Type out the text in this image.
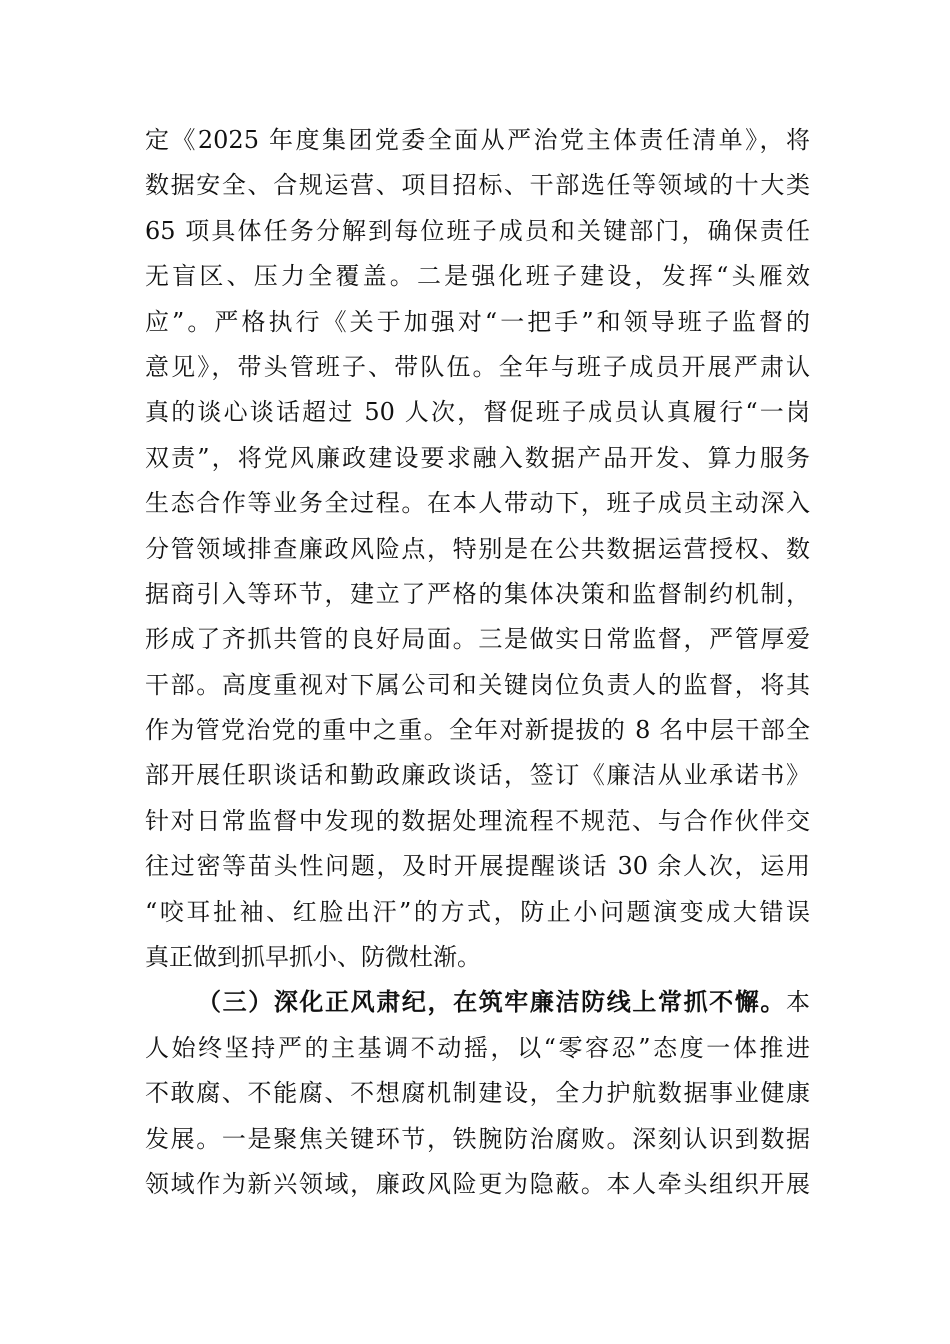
定《2025 年度集团党委全面从严治党主体责任清单》，将
数据安全、合规运营、项目招标、干部选任等领域的十大类
65 项具体任务分解到每位班子成员和关键部门，确保责任
无盲区、压力全覆盖。二是强化班子建设，发挥“头雁效
应”。严格执行《关于加强对“一把手”和领导班子监督的
意见》，带头管班子、带队伍。全年与班子成员开展严肃认
真的谈心谈话超过 50 人次，督促班子成员认真履行“一岗
双责”，将党风廉政建设要求融入数据产品开发、算力服务
生态合作等业务全过程。在本人带动下，班子成员主动深入
分管领域排查廉政风险点，特别是在公共数据运营授权、数
据商引入等环节，建立了严格的集体决策和监督制约机制，
形成了齐抓共管的良好局面。三是做实日常监督，严管厚爱
干部。高度重视对下属公司和关键岗位负责人的监督，将其
作为管党治党的重中之重。全年对新提拔的 8 名中层干部全
部开展任职谈话和勤政廉政谈话，签订《廉洁从业承诺书》
针对日常监督中发现的数据处理流程不规范、与合作伙伴交
往过密等苗头性问题，及时开展提醒谈话 30 余人次，运用
“咬耳扯袖、红脸出汗”的方式，防止小问题演变成大错误
真正做到抓早抓小、防微杜渐。
（三）深化正风肃纪，在筑牢廉洁防线上常抓不懈。本
人始终坚持严的主基调不动摇，以“零容忍”态度一体推进
不敢腐、不能腐、不想腐机制建设，全力护航数据事业健康
发展。一是聚焦关键环节，铁腕防治腐败。深刻认识到数据
领域作为新兴领域，廉政风险更为隐蔽。本人牵头组织开展
